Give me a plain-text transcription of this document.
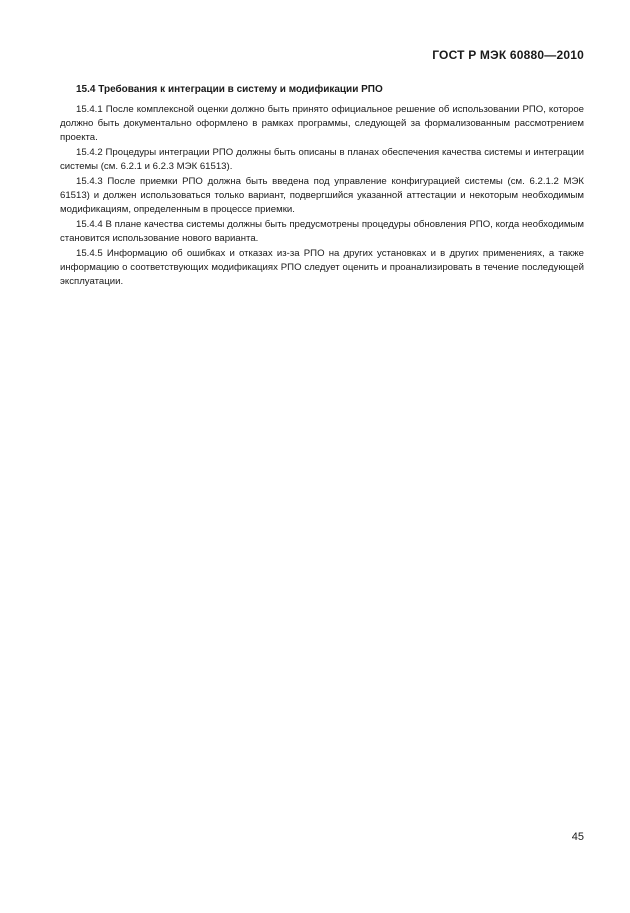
ГОСТ Р МЭК 60880—2010
15.4 Требования к интеграции в систему и модификации РПО

15.4.1 После комплексной оценки должно быть принято официальное решение об использовании РПО, которое должно быть документально оформлено в рамках программы, следующей за формализованным рассмотрением проекта.

15.4.2 Процедуры интеграции РПО должны быть описаны в планах обеспечения качества системы и интеграции системы (см. 6.2.1 и 6.2.3 МЭК 61513).

15.4.3 После приемки РПО должна быть введена под управление конфигурацией системы (см. 6.2.1.2 МЭК 61513) и должен использоваться только вариант, подвергшийся указанной аттестации и некоторым необходимым модификациям, определенным в процессе приемки.

15.4.4 В плане качества системы должны быть предусмотрены процедуры обновления РПО, когда необходимым становится использование нового варианта.

15.4.5 Информацию об ошибках и отказах из-за РПО на других установках и в других применениях, а также информацию о соответствующих модификациях РПО следует оценить и проанализировать в течение последующей эксплуатации.

45
